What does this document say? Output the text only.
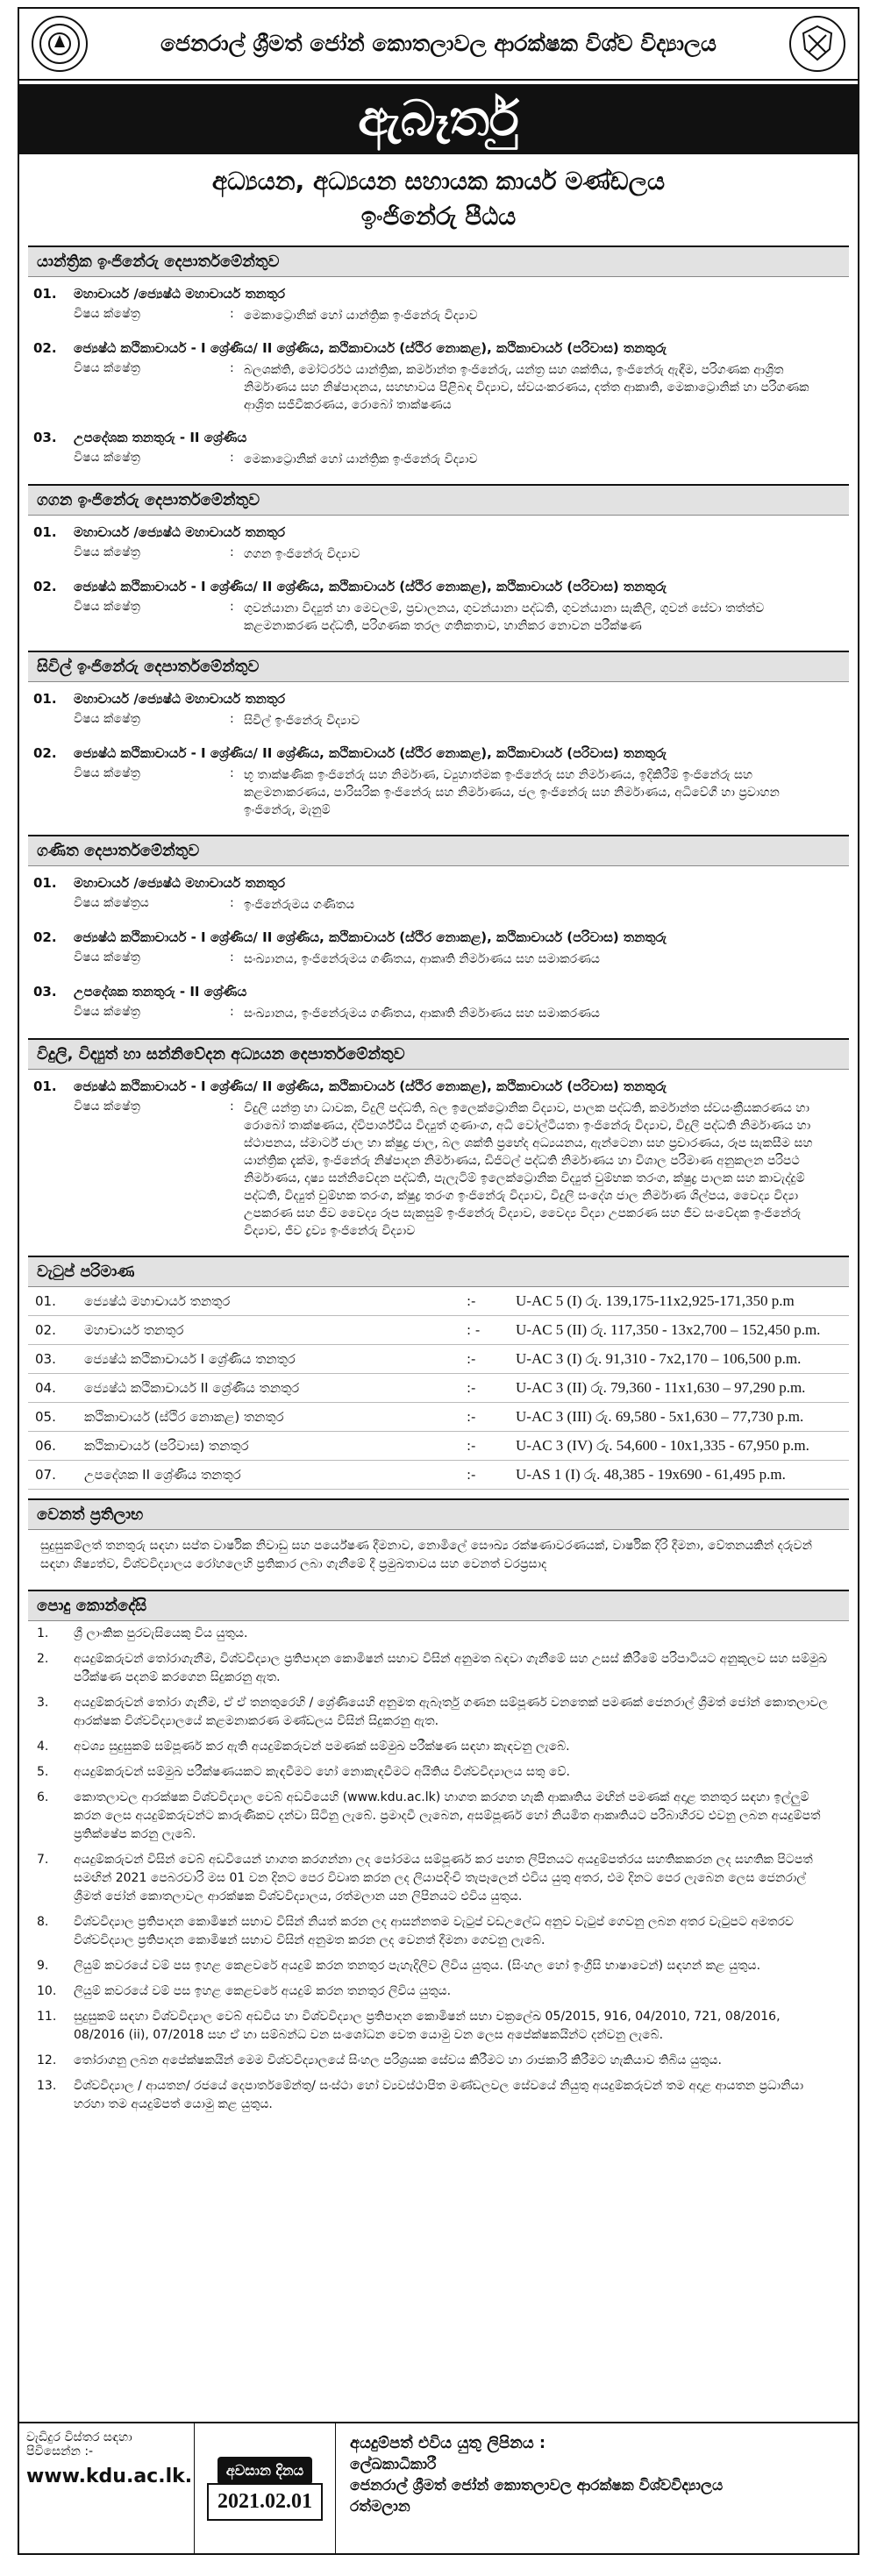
ජෙනරාල් ශ්‍රීමත් ජෝන් කොතලාවල ආරක්ෂක විශ්ව විද්‍යාලය
ඇබෑර්තු
අධ්‍යයන, අධ්‍යයන සහායක කාර්ය මණ්ඩලය
ඉංජිනේරු පීඨය
යාන්ත්‍රික ඉංජිනේරු දෙපාර්තමේන්තුව
01.	මහාචාර්ය /ජ්‍යෙෂ්ඨ මහාචාර්ය තනතුර
විෂය ක්ෂේත්‍ර	: මෙකාට්‍රොනික් හෝ යාන්ත්‍රික ඉංජිනේරු විද්‍යාව
02.	ජ්‍යෙෂ්ඨ කථිකාචාර්ය - I ශ්‍රේණිය/ II ශ්‍රේණිය, කථිකාචාර්ය (ස්ථිර නොකළ), කථිකාචාර්ය (පරිවාස) තනතුරු
විෂය ක්ෂේත්‍ර	: බලශක්ති, මෝටර්රථ යාන්ත්‍රික, කර්මාන්ත ඉංජිනේරු, යන්ත්‍ර සහ ශක්තිය, ඉංජිනේරු ඇඳීම, පරිගණක ආශ්‍රිත නිර්මාණය සහ නිෂ්පාදනය, සහභාවය පිළිබඳ විද්‍යාව, ස්වයංකරණය, දත්ත ආකෘති, මෙකාට්‍රොනික් හා පරිගණක ආශ්‍රිත සජීවීකරණය, රොබෝ තාක්ෂණය
03.	උපදේශක තනතුරු - II ශ්‍රේණිය
විෂය ක්ෂේත්‍ර	: මෙකාට්‍රොනික් හෝ යාන්ත්‍රික ඉංජිනේරු විද්‍යාව
ගගන ඉංජිනේරු දෙපාර්තමේන්තුව
01.	මහාචාර්ය /ජ්‍යෙෂ්ඨ මහාචාර්ය තනතුර
විෂය ක්ෂේත්‍ර	: ගගන ඉංජිනේරු විද්‍යාව
02.	ජ්‍යෙෂ්ඨ කථිකාචාර්ය - I ශ්‍රේණිය/ II ශ්‍රේණිය, කථිකාචාර්ය (ස්ථිර නොකළ), කථිකාචාර්ය (පරිවාස) තනතුරු
විෂය ක්ෂේත්‍ර	: ගුවන්යානා විද්‍යුත් හා මෙවලම්, ප්‍රචාලනය, ගුවන්යානා පද්ධති, ගුවන්යානා සැකිලි, ගුවන් සේවා තත්ත්ව කළමනාකරණ පද්ධති, පරිගණක තරල ගතිකතාව, හානිකර නොවන පරීක්ෂණ
සිවිල් ඉංජිනේරු දෙපාර්තමේන්තුව
01.	මහාචාර්ය /ජ්‍යෙෂ්ඨ මහාචාර්ය තනතුර
විෂය ක්ෂේත්‍ර	: සිවිල් ඉංජිනේරු විද්‍යාව
02.	ජ්‍යෙෂ්ඨ කථිකාචාර්ය - I ශ්‍රේණිය/ II ශ්‍රේණිය, කථිකාචාර්ය (ස්ථිර නොකළ), කථිකාචාර්ය (පරිවාස) තනතුරු
විෂය ක්ෂේත්‍ර	: භූ තාක්ෂණික ඉංජිනේරු සහ නිර්මාණ, ව්‍යුහාත්මක ඉංජිනේරු සහ නිර්මාණය, ඉදිකිරීම් ඉංජිනේරු සහ කළමනාකරණය, පාරිසරික ඉංජිනේරු සහ නිර්මාණය, ජල ඉංජිනේරු සහ නිර්මාණය, අධිවේගී හා ප්‍රවාහන ඉංජිනේරු, මැනුම්
ගණිත දෙපාර්තමේන්තුව
01.	මහාචාර්ය /ජ්‍යෙෂ්ඨ මහාචාර්ය තනතුර
විෂය ක්ෂේත්‍රය	: ඉංජිනේරුමය ගණිතය
02.	ජ්‍යෙෂ්ඨ කථිකාචාර්ය - I ශ්‍රේණිය/ II ශ්‍රේණිය, කථිකාචාර්ය (ස්ථිර නොකළ), කථිකාචාර්ය (පරිවාස) තනතුරු
විෂය ක්ෂේත්‍ර	: සංඛ්‍යානය, ඉංජිනේරුමය ගණිතය, ආකෘති නිර්මාණය සහ සමාකරණය
03.	උපදේශක තනතුරු - II ශ්‍රේණිය
විෂය ක්ෂේත්‍ර	: සංඛ්‍යානය, ඉංජිනේරුමය ගණිතය, ආකෘති නිර්මාණය සහ සමාකරණය
විදුලි, විද්‍යුත් හා සන්නිවේදන අධ්‍යයන දෙපාර්තමේන්තුව
01.	ජ්‍යෙෂ්ඨ කථිකාචාර්ය - I ශ්‍රේණිය/ II ශ්‍රේණිය, කථිකාචාර්ය (ස්ථිර නොකළ), කථිකාචාර්ය (පරිවාස) තනතුරු
විෂය ක්ෂේත්‍ර	: විදුලි යන්ත්‍ර හා ධාවක, විදුලි පද්ධති, බල ඉලෙක්ට්‍රොනික විද්‍යාව, පාලක පද්ධති, කර්මාන්ත ස්වයංක්‍රීයකරණය හා රොබෝ තාක්ෂණය, ද්විපාර්ශ්වීය විද්‍යුත් ගුණාංග, අධි වෝල්ටීයතා ඉංජිනේරු විද්‍යාව, විදුලි පද්ධති නිර්මාණය හා ස්ථාපනය, ස්මාර්ට් ජාල හා ක්ෂුද්‍ර ජාල, බල ශක්ති ප්‍රභේද අධ්‍යයනය, ඇන්ටෙනා සහ ප්‍රචාරණය, රූප සැකසීම සහ යාන්ත්‍රික දැක්ම, ඉංජිනේරු නිෂ්පාදන නිර්මාණය, ඩිජිටල් පද්ධති නිර්මාණය හා විශාල පරිමාණ අනුකලන පරිපථ නිර්මාණය, දෘෂ්‍ය සන්නිවේදන පද්ධති, පැලැටිම් ඉලෙක්ට්‍රොනික විද්‍යුත් චුම්භක තරංග, ක්ෂුද්‍ර පාලක සහ කාවැද්දුම් පද්ධති, විද්‍යුත් චුම්භක තරංග, ක්ෂුද්‍ර තරංග ඉංජිනේරු විද්‍යාව, විදුලි සංදේශ ජාල නිර්මාණ ශිල්පය, වෛද්‍ය විද්‍යා උපකරණ සහ ජීව වෛද්‍ය රූප සැකසුම් ඉංජිනේරු විද්‍යාව, වෛද්‍ය විද්‍යා උපකරණ සහ ජීව සංවේදක ඉංජිනේරු විද්‍යාව, ජීව ද්‍රව්‍ය ඉංජිනේරු විද්‍යාව
වැටුප් පරිමාණ
01.	ජ්‍යෙෂ්ඨ මහාචාර්ය තනතුර	:-	U-AC 5 (I) රු. 139,175-11x2,925-171,350 p.m
02.	මහාචාර්ය තනතුර	: -	U-AC 5 (II) රු. 117,350 - 13x2,700 – 152,450 p.m.
03.	ජ්‍යෙෂ්ඨ කථිකාචාර්ය I ශ්‍රේණිය තනතුර	:-	U-AC 3 (I) රු. 91,310 - 7x2,170 – 106,500 p.m.
04.	ජ්‍යෙෂ්ඨ කථිකාචාර්ය II ශ්‍රේණිය තනතුර	:-	U-AC 3 (II) රු. 79,360 - 11x1,630 – 97,290 p.m.
05.	කථිකාචාර්ය (ස්ථිර නොකළ) තනතුර	:-	U-AC 3 (III) රු. 69,580 - 5x1,630 – 77,730 p.m.
06.	කථිකාචාර්ය (පරිවාස) තනතුර	:-	U-AC 3 (IV) රු. 54,600 - 10x1,335 - 67,950 p.m.
07.	උපදේශක II ශ්‍රේණිය තනතුර	:-	U-AS 1 (I) රු. 48,385 - 19x690 - 61,495 p.m.
වෙනත් ප්‍රතිලාභ
සුදුසුකම්ලත් තනතුරු සඳහා සප්ත වාර්ෂික නිවාඩු සහ පර්යේෂණ දීමනාව, නොමිලේ සෞඛ්‍ය රක්ෂණාවරණයක්, වාර්ෂික දිරි දීමනා, වේතනයකින් දරුවන් සඳහා ශිෂ්‍යත්ව, විශ්වවිද්‍යාලය රෝහලෙහි ප්‍රතිකාර ලබා ගැනීමේ දී ප්‍රමුඛතාවය සහ වෙනත් වරප්‍රසාද
පොදු කොන්දේසි
1.	ශ්‍රී ලාංකික පුරවැසියෙකු විය යුතුය.
2.	අයදුම්කරුවන් තෝරාගැනීම, විශ්වවිද්‍යාල ප්‍රතිපාදන කොමිෂන් සභාව විසින් අනුමත බඳවා ගැනීමේ සහ උසස් කිරීමේ පරිපාටියට අනුකූලව සහ සම්මුඛ පරීක්ෂණ පදනම් කරගෙන සිදුකරනු ඇත.
3.	අයදුම්කරුවන් තෝරා ගැනීම, ඒ ඒ තනතුරෙහි / ශ්‍රේණියෙහි අනුමත ඇබෑර්තු ගණන සම්පූර්ණ වනතෙක් පමණක් ජෙනරාල් ශ්‍රීමත් ජෝන් කොතලාවල ආරක්ෂක විශ්වවිද්‍යාලයේ කළමනාකරණ මණ්ඩලය විසින් සිදුකරනු ඇත.
4.	අවශ්‍ය සුදුසුකම් සම්පූර්ණ කර ඇති අයදුම්කරුවන් පමණක් සම්මුඛ පරීක්ෂණ සඳහා කැඳවනු ලැබේ.
5.	අයදුම්කරුවන් සම්මුඛ පරීක්ෂණයකට කැඳවීමට හෝ නොකැඳවීමට අයිතිය විශ්වවිද්‍යාලය සතු වේ.
6.	කොතලාවල ආරක්ෂක විශ්වවිද්‍යාල වෙබ් අඩවියෙහි (www.kdu.ac.lk) හාගත කරගත හැකි ආකෘතිය මඟින් පමණක් අදාළ තනතුර සඳහා ඉල්ලුම් කරන ලෙස අයදුම්කරුවන්ට කාරුණිකව දන්වා සිටිනු ලැබේ. ප්‍රමාදවී ලැබෙන, අසම්පූර්ණ හෝ නියමිත ආකෘතියට පරිබාහිරව එවනු ලබන අයදුම්පත් ප්‍රතික්ෂේප කරනු ලැබේ.
7.	අයදුම්කරුවන් විසින් වෙබ් අඩවියෙන් හාගත කරගන්නා ලද පෝරමය සම්පූර්ණ කර පහත ලිපිනයට අයදුම්පත්රය සහතිකකරන ලද සහතික පිටපත් සමඟින් 2021 පෙබරවාරි මස 01 වන දිනට පෙර විවෘත කරන ලද ලියාපදිංචි තැපෑලෙන් එවිය යුතු අතර, එම දිනට පෙර ලැබෙන ලෙස ජෙනරාල් ශ්‍රීමත් ජෝන් කොතලාවල ආරක්ෂක විශ්වවිද්‍යාලය, රත්මලාන යන ලිපිනයට එවිය යුතුය.
8.	විශ්වවිද්‍යාල ප්‍රතිපාදන කොමිෂන් සභාව විසින් නියත් කරන ලද ආසන්නතම වැටුප් වඩඋලේධ අනුව වැටුප් ගෙවනු ලබන අතර වැටුපට අමතරව විශ්වවිද්‍යාල ප්‍රතිපාදන කොමිෂන් සභාව විසින් අනුමත කරන ලද වෙනත් දීමනා ගෙවනු ලැබේ.
9.	ලියුම් කවරයේ වම් පස ඉහළ කෙළවරේ අයදුම් කරන තනතුර පැහැදිලිව ලිවිය යුතුය. (සිංහල හෝ ඉංග්‍රීසි භාෂාවෙන්) සඳහන් කළ යුතුය.
10.	ලියුම් කවරයේ වම් පස ඉහළ කෙළවරේ අයදුම් කරන තනතුර ලිවිය යුතුය.
11.	සුදුසුකම් සඳහා විශ්වවිද්‍යාල වෙබ් අඩවිය හා විශ්වවිද්‍යාල ප්‍රතිපාදන කොමිෂන් සභා චක්‍රලේඛ 05/2015, 916, 04/2010, 721, 08/2016, 08/2016 (ii), 07/2018 සහ ඒ හා සම්බන්ධ වන සංශෝධන වෙත යොමු වන ලෙස අපේක්ෂකයින්ට දන්වනු ලැබේ.
12.	තෝරාගනු ලබන අපේක්ෂකයින් මෙම විශ්වවිද්‍යාලයේ සිංහල පරිශ්‍රයක සේවය කිරීමට හා රාජකාරි කිරීමට හැකියාව තිබිය යුතුය.
13.	විශ්වවිද්‍යාල / ආයතන/ රජයේ දෙපාර්තමේන්තු/ සංස්ථා හෝ ව්‍යවස්ථාපිත මණ්ඩලවල සේවයේ නියුතු අයදුම්කරුවන් තම අදාළ ආයතන ප්‍රධානියා හරහා තම අයදුම්පත් යොමු කළ යුතුය.
වැඩිදුර විස්තර සඳහා පිවිසෙන්න :-
www.kdu.ac.lk.	අවසාන දිනය
2021.02.01
අයදුම්පත් එවිය යුතු ලිපිනය :
ලේඛකාධිකාරී
ජෙනරාල් ශ්‍රීමත් ජෝන් කොතලාවල ආරක්ෂක විශ්වවිද්‍යාලය
රත්මලාන
